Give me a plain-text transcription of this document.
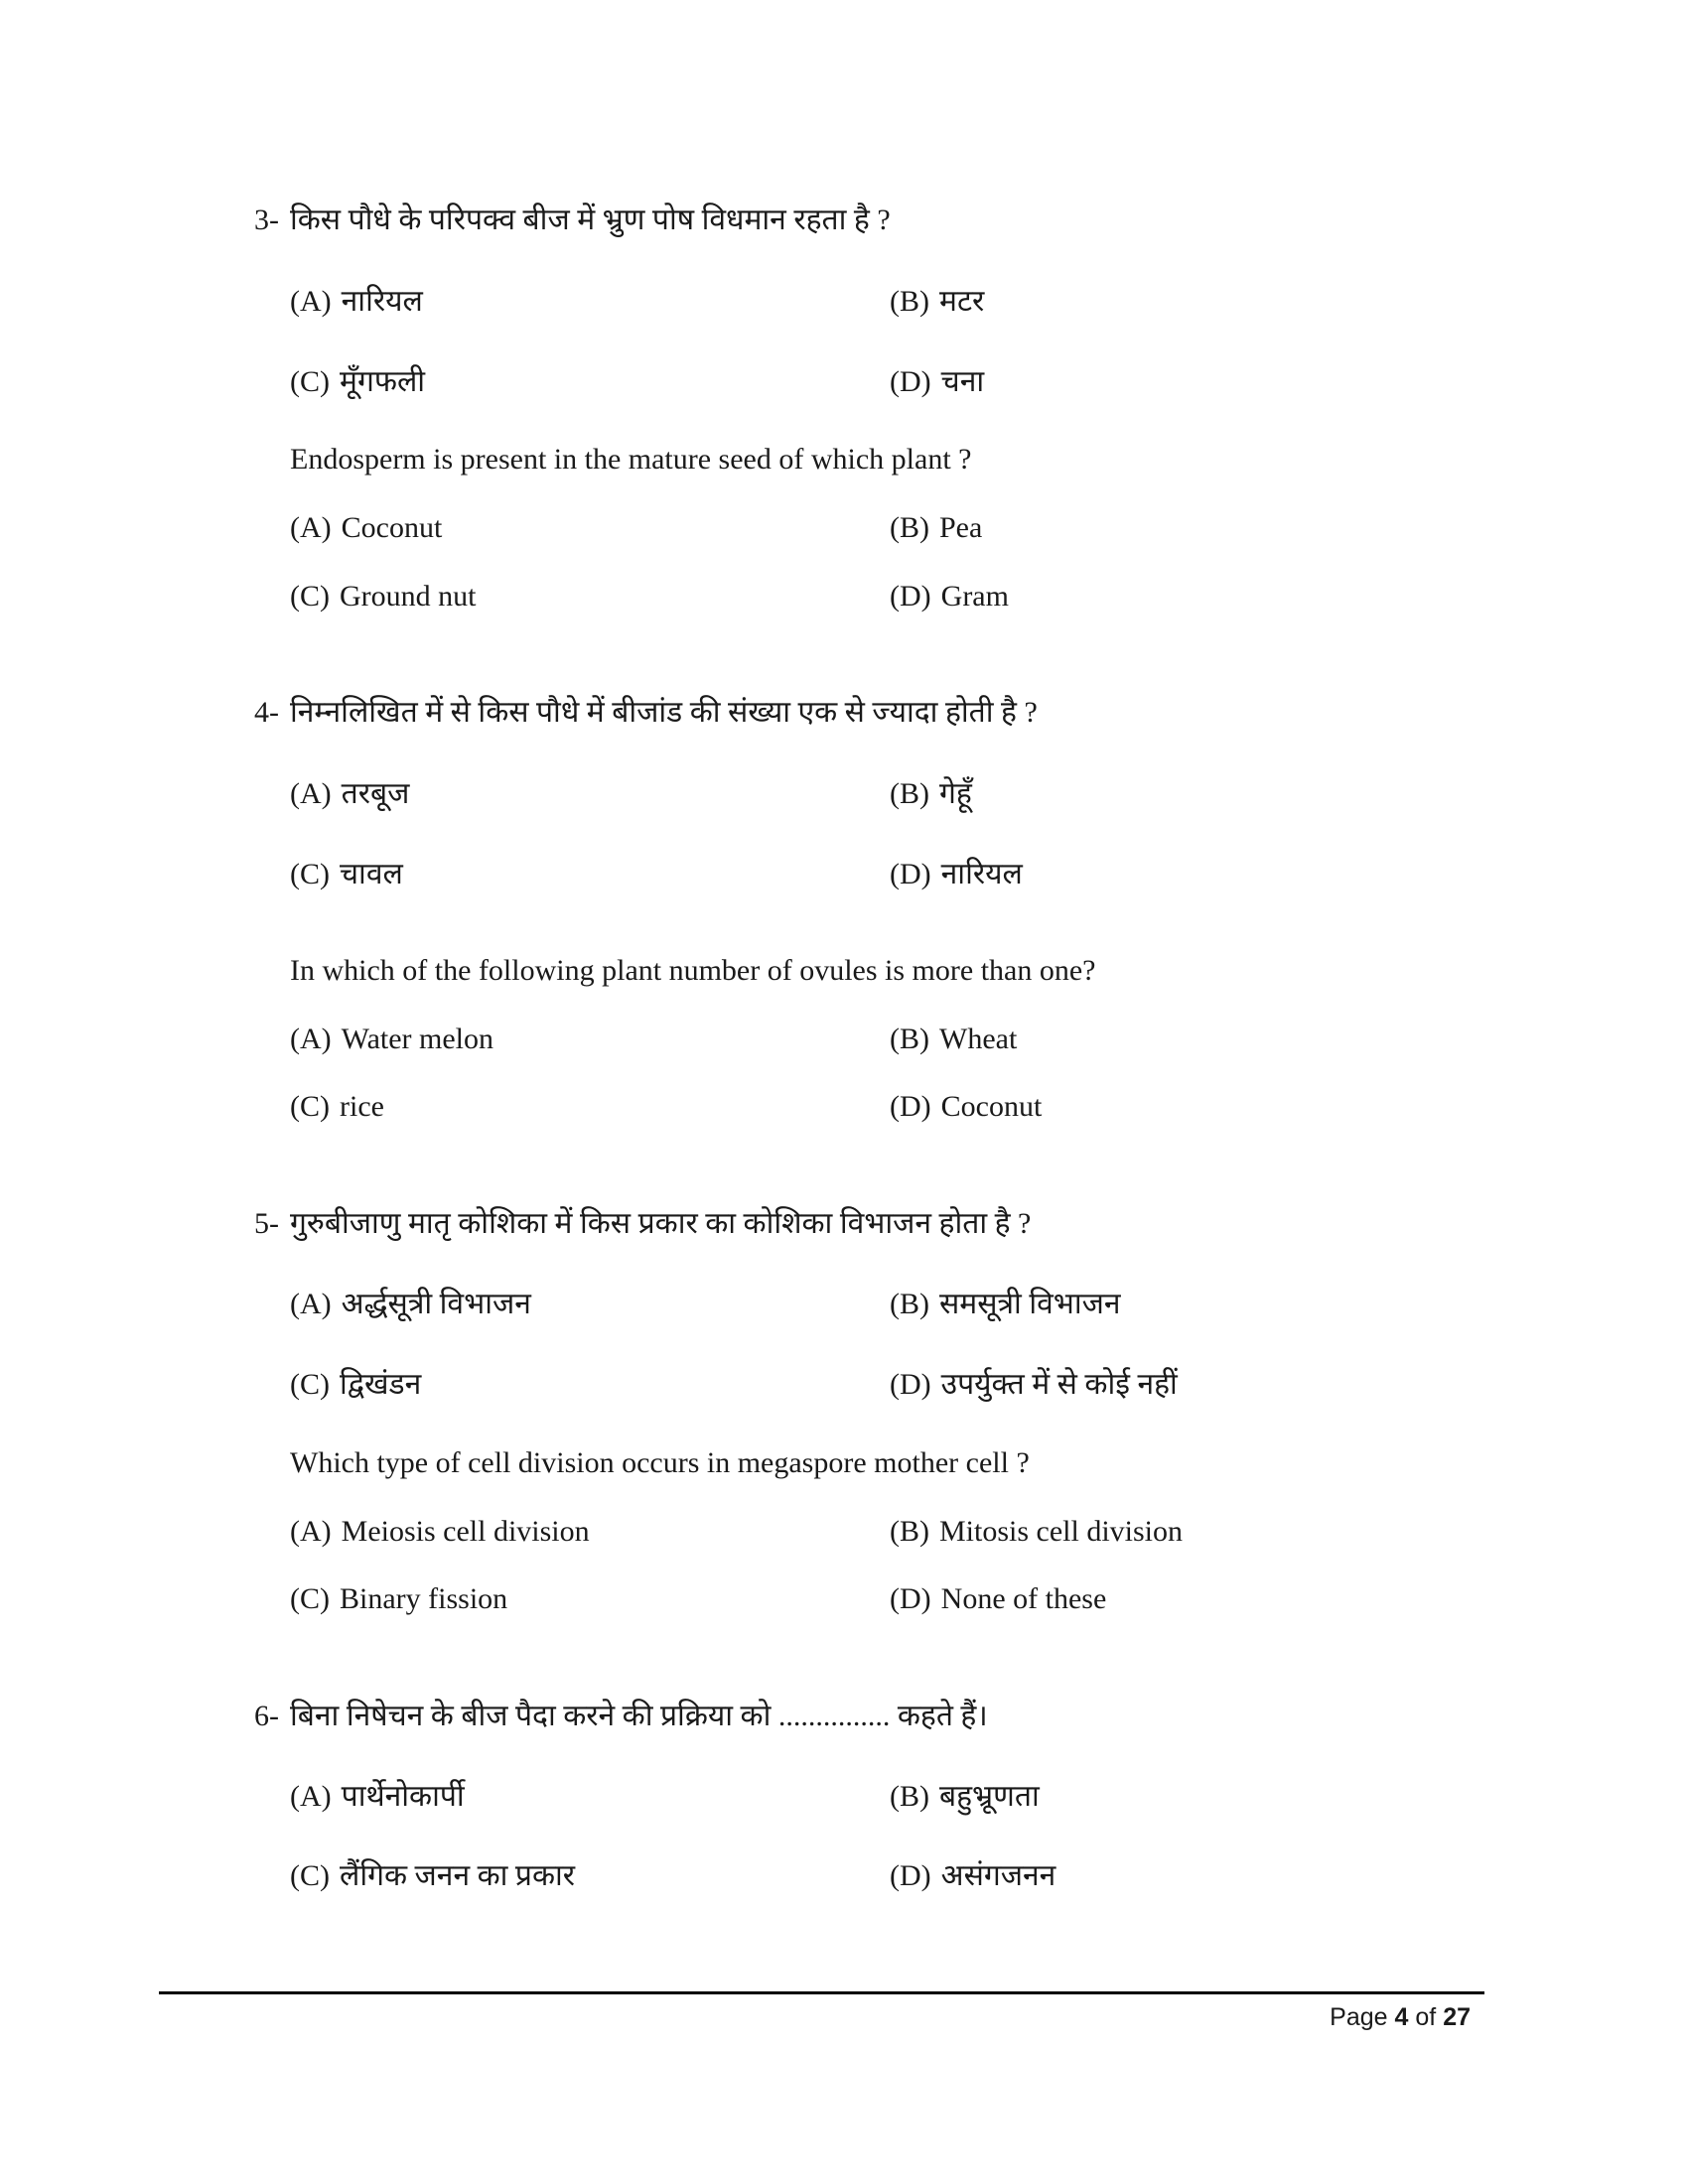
3- किस पौधे के परिपक्व बीज में भ्रुण पोष विधमान रहता है ?
(A) नारियल	(B) मटर
(C) मूँगफली	(D) चना
Endosperm is present in the mature seed of which plant ?
(A) Coconut	(B) Pea
(C) Ground nut	(D) Gram
4- निम्नलिखित में से किस पौधे में बीजांड की संख्या एक से ज्यादा होती है ?
(A) तरबूज	(B) गेहूँ
(C) चावल	(D) नारियल
In which of the following plant number of ovules is more than one?
(A) Water melon	(B) Wheat
(C) rice	(D) Coconut
5- गुरुबीजाणु मातृ कोशिका में किस प्रकार का कोशिका विभाजन होता है ?
(A) अर्द्धसूत्री विभाजन	(B) समसूत्री विभाजन
(C) द्विखंडन	(D) उपर्युक्त में से कोई नहीं
Which type of cell division occurs in megaspore mother cell ?
(A) Meiosis cell division	(B) Mitosis cell division
(C) Binary fission	(D) None of these
6- बिना निषेचन के बीज पैदा करने की प्रक्रिया को ............... कहते हैं।
(A) पार्थेनोकार्पी	(B) बहुभ्रूणता
(C) लैंगिक जनन का प्रकार	(D) असंगजनन
Page 4 of 27
